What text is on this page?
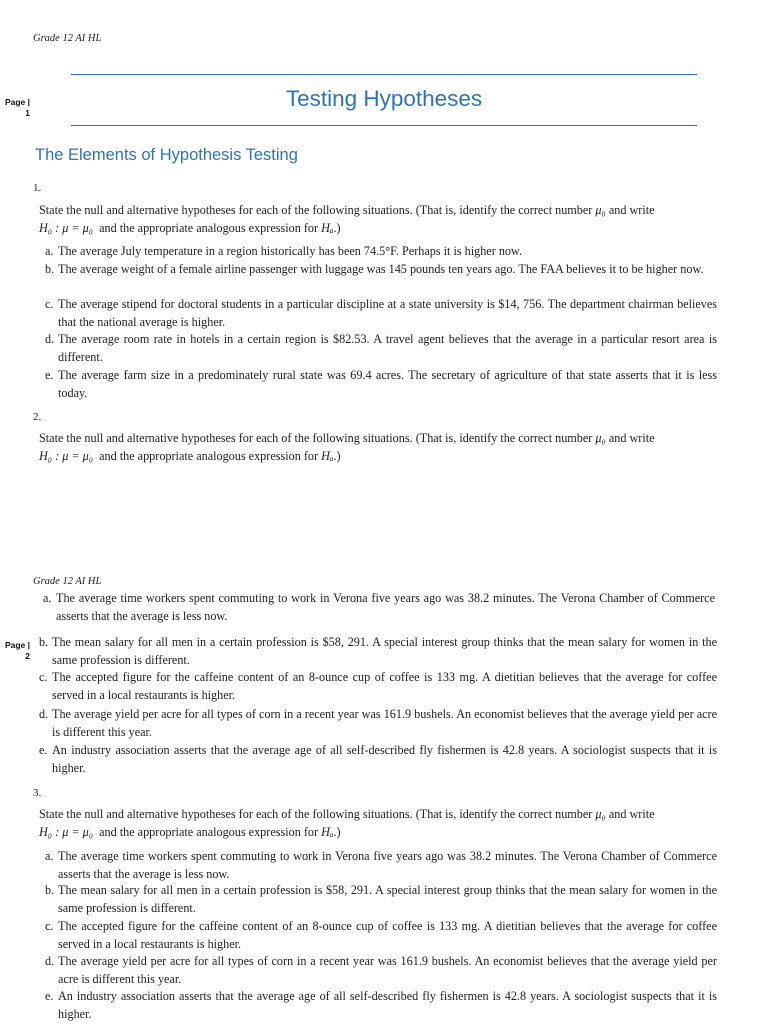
Grade 12 AI HL
Page |
1
Testing Hypotheses
The Elements of Hypothesis Testing
1.
State the null and alternative hypotheses for each of the following situations. (That is, identify the correct number μ₀ and write
H₀ : μ = μ₀ and the appropriate analogous expression for Hₐ.)
a. The average July temperature in a region historically has been 74.5°F. Perhaps it is higher now.
b. The average weight of a female airline passenger with luggage was 145 pounds ten years ago. The FAA believes it to be higher now.
c. The average stipend for doctoral students in a particular discipline at a state university is $14, 756. The department chairman believes that the national average is higher.
d. The average room rate in hotels in a certain region is $82.53. A travel agent believes that the average in a particular resort area is different.
e. The average farm size in a predominately rural state was 69.4 acres. The secretary of agriculture of that state asserts that it is less today.
2.
State the null and alternative hypotheses for each of the following situations. (That is, identify the correct number μ₀ and write
H₀ : μ = μ₀ and the appropriate analogous expression for Hₐ.)
Grade 12 AI HL
Page |
2
a. The average time workers spent commuting to work in Verona five years ago was 38.2 minutes. The Verona Chamber of Commerce asserts that the average is less now.
b. The mean salary for all men in a certain profession is $58, 291. A special interest group thinks that the mean salary for women in the same profession is different.
c. The accepted figure for the caffeine content of an 8-ounce cup of coffee is 133 mg. A dietitian believes that the average for coffee served in a local restaurants is higher.
d. The average yield per acre for all types of corn in a recent year was 161.9 bushels. An economist believes that the average yield per acre is different this year.
e. An industry association asserts that the average age of all self-described fly fishermen is 42.8 years. A sociologist suspects that it is higher.
3.
State the null and alternative hypotheses for each of the following situations. (That is, identify the correct number μ₀ and write
H₀ : μ = μ₀ and the appropriate analogous expression for Hₐ.)
a. The average time workers spent commuting to work in Verona five years ago was 38.2 minutes. The Verona Chamber of Commerce asserts that the average is less now.
b. The mean salary for all men in a certain profession is $58, 291. A special interest group thinks that the mean salary for women in the same profession is different.
c. The accepted figure for the caffeine content of an 8-ounce cup of coffee is 133 mg. A dietitian believes that the average for coffee served in a local restaurants is higher.
d. The average yield per acre for all types of corn in a recent year was 161.9 bushels. An economist believes that the average yield per acre is different this year.
e. An industry association asserts that the average age of all self-described fly fishermen is 42.8 years. A sociologist suspects that it is higher.
